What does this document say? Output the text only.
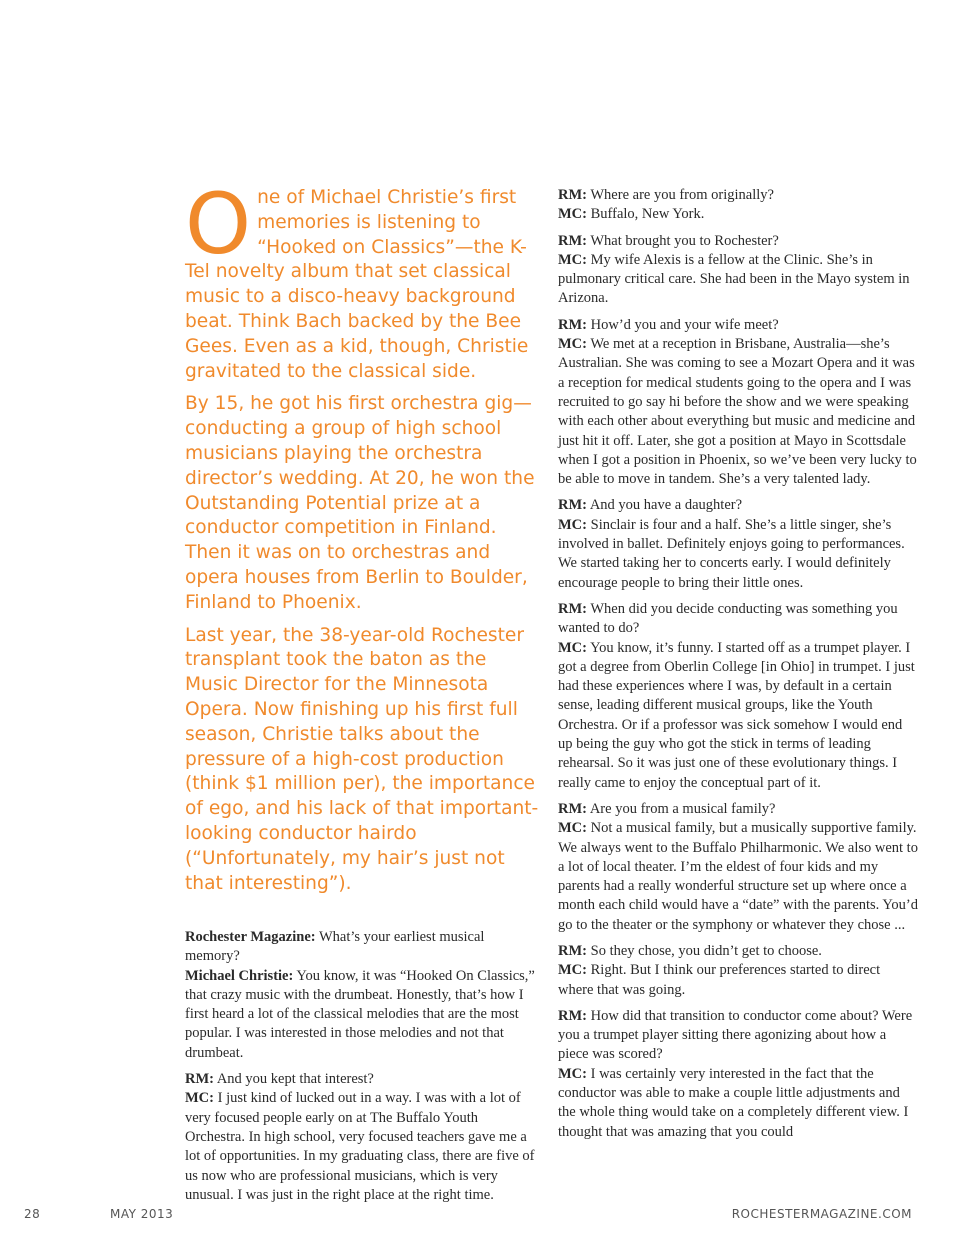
One of Michael Christie’s first memories is listening to “Hooked on Classics”—the K-Tel novelty album that set classical music to a disco-heavy background beat. Think Bach backed by the Bee Gees. Even as a kid, though, Christie gravitated to the classical side.

By 15, he got his first orchestra gig—conducting a group of high school musicians playing the orchestra director’s wedding. At 20, he won the Outstanding Potential prize at a conductor competition in Finland. Then it was on to orchestras and opera houses from Berlin to Boulder, Finland to Phoenix.

Last year, the 38-year-old Rochester transplant took the baton as the Music Director for the Minnesota Opera. Now finishing up his first full season, Christie talks about the pressure of a high-cost production (think $1 million per), the importance of ego, and his lack of that important-looking conductor hairdo (“Unfortunately, my hair’s just not that interesting”).

Rochester Magazine: What’s your earliest musical memory?

Michael Christie: You know, it was “Hooked On Classics,” that crazy music with the drumbeat. Honestly, that’s how I first heard a lot of the classical melodies that are the most popular. I was interested in those melodies and not that drumbeat.

RM: And you kept that interest?

MC: I just kind of lucked out in a way. I was with a lot of very focused people early on at The Buffalo Youth Orchestra. In high school, very focused teachers gave me a lot of opportunities. In my graduating class, there are five of us now who are professional musicians, which is very unusual. I was just in the right place at the right time.

RM: Where are you from originally?

MC: Buffalo, New York.

RM: What brought you to Rochester?

MC: My wife Alexis is a fellow at the Clinic. She’s in pulmonary critical care. She had been in the Mayo system in Arizona.

RM: How’d you and your wife meet?

MC: We met at a reception in Brisbane, Australia—she’s Australian. She was coming to see a Mozart Opera and it was a reception for medical students going to the opera and I was recruited to go say hi before the show and we were speaking with each other about everything but music and medicine and just hit it off. Later, she got a position at Mayo in Scottsdale when I got a position in Phoenix, so we’ve been very lucky to be able to move in tandem. She’s a very talented lady.

RM: And you have a daughter?

MC: Sinclair is four and a half. She’s a little singer, she’s involved in ballet. Definitely enjoys going to performances. We started taking her to concerts early. I would definitely encourage people to bring their little ones.

RM: When did you decide conducting was something you wanted to do?

MC: You know, it’s funny. I started off as a trumpet player. I got a degree from Oberlin College [in Ohio] in trumpet. I just had these experiences where I was, by default in a certain sense, leading different musical groups, like the Youth Orchestra. Or if a professor was sick somehow I would end up being the guy who got the stick in terms of leading rehearsal. So it was just one of these evolutionary things. I really came to enjoy the conceptual part of it.

RM: Are you from a musical family?

MC: Not a musical family, but a musically supportive family. We always went to the Buffalo Philharmonic. We also went to a lot of local theater. I’m the eldest of four kids and my parents had a really wonderful structure set up where once a month each child would have a “date” with the parents. You’d go to the theater or the symphony or whatever they chose ...

RM: So they chose, you didn’t get to choose.

MC: Right. But I think our preferences started to direct where that was going.

RM: How did that transition to conductor come about? Were you a trumpet player sitting there agonizing about how a piece was scored?

MC: I was certainly very interested in the fact that the conductor was able to make a couple little adjustments and the whole thing would take on a completely different view. I thought that was amazing that you could

28	MAY 2013	ROCHESTERMAGAZINE.COM
